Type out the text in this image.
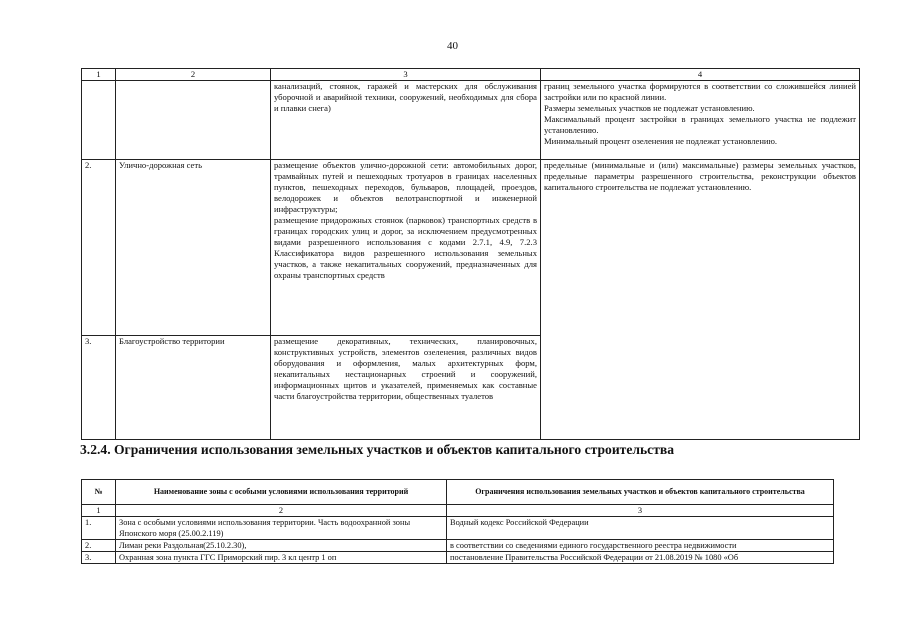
40
1	2	3	4

		канализаций, стоянок, гаражей и мастерских для обслуживания уборочной и аварийной техники, сооружений, необходимых для сбора и плавки снега)	границ земельного участка формируются в соответствии со сложившейся линией застройки или по красной линии.
Размеры земельных участков не подлежат установлению.
Максимальный процент застройки в границах земельного участка не подлежит установлению.
Минимальный процент озеленения не подлежат установлению.

2.	Улично-дорожная сеть	размещение объектов улично-дорожной сети: автомобильных дорог, трамвайных путей и пешеходных тротуаров в границах населенных пунктов, пешеходных переходов, бульваров, площадей, проездов, велодорожек и объектов велотранспортной и инженерной инфраструктуры;
размещение придорожных стоянок (парковок) транспортных средств в границах городских улиц и дорог, за исключением предусмотренных видами разрешенного использования с кодами 2.7.1, 4.9, 7.2.3 Классификатора видов разрешенного использования земельных участков, а также некапитальных сооружений, предназначенных для охраны транспортных средств	предельные (минимальные и (или) максимальные) размеры земельных участков, предельные параметры разрешенного строительства, реконструкции объектов капитального строительства не подлежат установлению.

3.	Благоустройство территории	размещение декоративных, технических, планировочных, конструктивных устройств, элементов озеленения, различных видов оборудования и оформления, малых архитектурных форм, некапитальных нестационарных строений и сооружений, информационных щитов и указателей, применяемых как составные части благоустройства территории, общественных туалетов	
3.2.4. Ограничения использования земельных участков и объектов капитального строительства
№	Наименование зоны с особыми условиями использования территорий	Ограничения использования земельных участков и объектов капитального строительства
1	2	3
1.	Зона с особыми условиями использования территории. Часть водоохранной зоны Японского моря (25.00.2.119)	Водный кодекс Российской Федерации
2.	Лиман реки Раздольная(25.10.2.30),	в соответствии со сведениями единого государственного реестра недвижимости
3.	Охранная зона пункта ГГС Приморский пир. 3 кл центр 1 оп	постановление Правительства Российской Федерации от 21.08.2019 № 1080 «Об
